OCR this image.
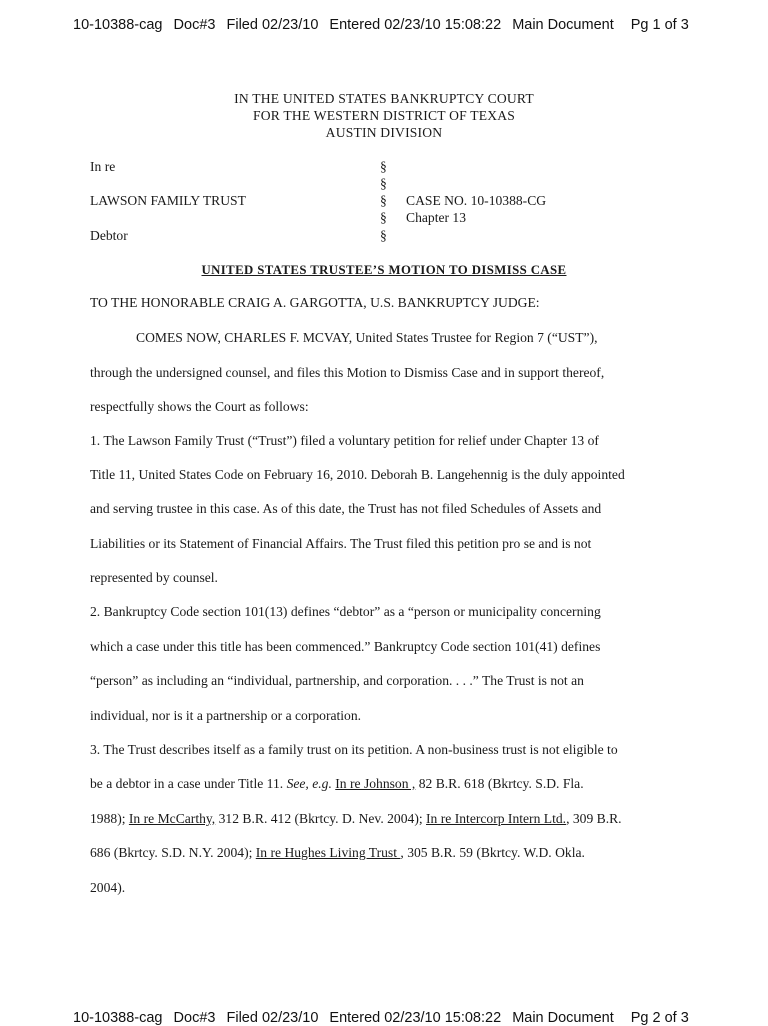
10-10388-cag Doc#3 Filed 02/23/10 Entered 02/23/10 15:08:22 Main Document Pg 1 of 3
IN THE UNITED STATES BANKRUPTCY COURT
FOR THE WESTERN DISTRICT OF TEXAS
AUSTIN DIVISION
In re
LAWSON FAMILY TRUST
Debtor
§
§
§
§
§
CASE NO. 10-10388-CG
Chapter 13
UNITED STATES TRUSTEE’S MOTION TO DISMISS CASE
TO THE HONORABLE CRAIG A. GARGOTTA, U.S. BANKRUPTCY JUDGE:
COMES NOW, CHARLES F. MCVAY, United States Trustee for Region 7 (“UST”),
through the undersigned counsel, and files this Motion to Dismiss Case and in support thereof,
respectfully shows the Court as follows:
1. The Lawson Family Trust (“Trust”) filed a voluntary petition for relief under Chapter 13 of
Title 11, United States Code on February 16, 2010. Deborah B. Langehennig is the duly appointed
and serving trustee in this case. As of this date, the Trust has not filed Schedules of Assets and
Liabilities or its Statement of Financial Affairs. The Trust filed this petition pro se and is not
represented by counsel.
2. Bankruptcy Code section 101(13) defines “debtor” as a “person or municipality concerning
which a case under this title has been commenced.” Bankruptcy Code section 101(41) defines
“person” as including an “individual, partnership, and corporation. . . .” The Trust is not an
individual, nor is it a partnership or a corporation.
3. The Trust describes itself as a family trust on its petition. A non-business trust is not eligible to
be a debtor in a case under Title 11. See, e.g. In re Johnson , 82 B.R. 618 (Bkrtcy. S.D. Fla.
1988); In re McCarthy, 312 B.R. 412 (Bkrtcy. D. Nev. 2004); In re Intercorp Intern Ltd., 309 B.R.
686 (Bkrtcy. S.D. N.Y. 2004); In re Hughes Living Trust , 305 B.R. 59 (Bkrtcy. W.D. Okla.
2004).
10-10388-cag Doc#3 Filed 02/23/10 Entered 02/23/10 15:08:22 Main Document Pg 2 of 3
